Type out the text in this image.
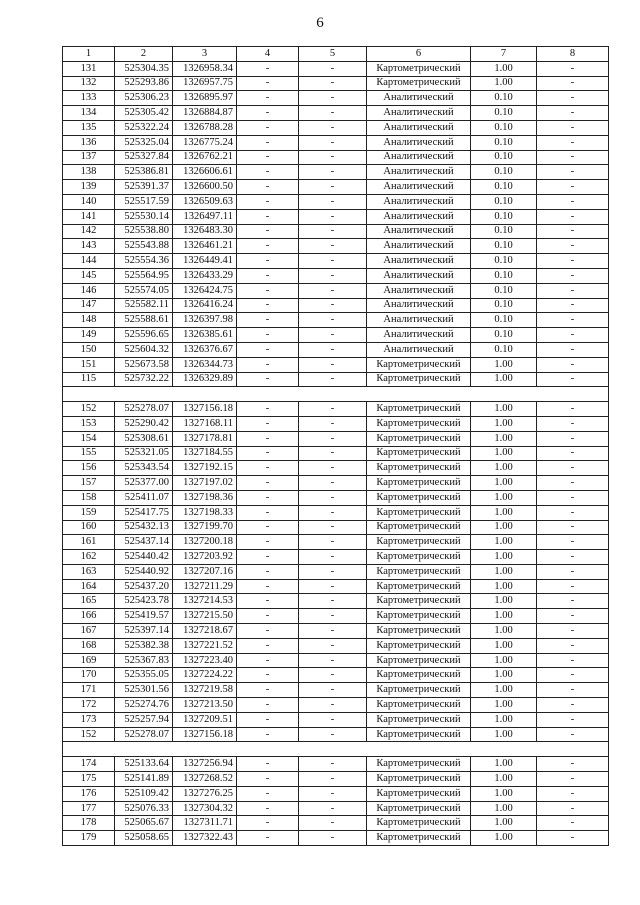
6
1	2	3	4	5	6	7	8
131	525304.35	1326958.34	-	-	Картометрический	1.00	-
132	525293.86	1326957.75	-	-	Картометрический	1.00	-
133	525306.23	1326895.97	-	-	Аналитический	0.10	-
134	525305.42	1326884.87	-	-	Аналитический	0.10	-
135	525322.24	1326788.28	-	-	Аналитический	0.10	-
136	525325.04	1326775.24	-	-	Аналитический	0.10	-
137	525327.84	1326762.21	-	-	Аналитический	0.10	-
138	525386.81	1326606.61	-	-	Аналитический	0.10	-
139	525391.37	1326600.50	-	-	Аналитический	0.10	-
140	525517.59	1326509.63	-	-	Аналитический	0.10	-
141	525530.14	1326497.11	-	-	Аналитический	0.10	-
142	525538.80	1326483.30	-	-	Аналитический	0.10	-
143	525543.88	1326461.21	-	-	Аналитический	0.10	-
144	525554.36	1326449.41	-	-	Аналитический	0.10	-
145	525564.95	1326433.29	-	-	Аналитический	0.10	-
146	525574.05	1326424.75	-	-	Аналитический	0.10	-
147	525582.11	1326416.24	-	-	Аналитический	0.10	-
148	525588.61	1326397.98	-	-	Аналитический	0.10	-
149	525596.65	1326385.61	-	-	Аналитический	0.10	-
150	525604.32	1326376.67	-	-	Аналитический	0.10	-
151	525673.58	1326344.73	-	-	Картометрический	1.00	-
115	525732.22	1326329.89	-	-	Картометрический	1.00	-

152	525278.07	1327156.18	-	-	Картометрический	1.00	-
153	525290.42	1327168.11	-	-	Картометрический	1.00	-
154	525308.61	1327178.81	-	-	Картометрический	1.00	-
155	525321.05	1327184.55	-	-	Картометрический	1.00	-
156	525343.54	1327192.15	-	-	Картометрический	1.00	-
157	525377.00	1327197.02	-	-	Картометрический	1.00	-
158	525411.07	1327198.36	-	-	Картометрический	1.00	-
159	525417.75	1327198.33	-	-	Картометрический	1.00	-
160	525432.13	1327199.70	-	-	Картометрический	1.00	-
161	525437.14	1327200.18	-	-	Картометрический	1.00	-
162	525440.42	1327203.92	-	-	Картометрический	1.00	-
163	525440.92	1327207.16	-	-	Картометрический	1.00	-
164	525437.20	1327211.29	-	-	Картометрический	1.00	-
165	525423.78	1327214.53	-	-	Картометрический	1.00	-
166	525419.57	1327215.50	-	-	Картометрический	1.00	-
167	525397.14	1327218.67	-	-	Картометрический	1.00	-
168	525382.38	1327221.52	-	-	Картометрический	1.00	-
169	525367.83	1327223.40	-	-	Картометрический	1.00	-
170	525355.05	1327224.22	-	-	Картометрический	1.00	-
171	525301.56	1327219.58	-	-	Картометрический	1.00	-
172	525274.76	1327213.50	-	-	Картометрический	1.00	-
173	525257.94	1327209.51	-	-	Картометрический	1.00	-
152	525278.07	1327156.18	-	-	Картометрический	1.00	-

174	525133.64	1327256.94	-	-	Картометрический	1.00	-
175	525141.89	1327268.52	-	-	Картометрический	1.00	-
176	525109.42	1327276.25	-	-	Картометрический	1.00	-
177	525076.33	1327304.32	-	-	Картометрический	1.00	-
178	525065.67	1327311.71	-	-	Картометрический	1.00	-
179	525058.65	1327322.43	-	-	Картометрический	1.00	-
